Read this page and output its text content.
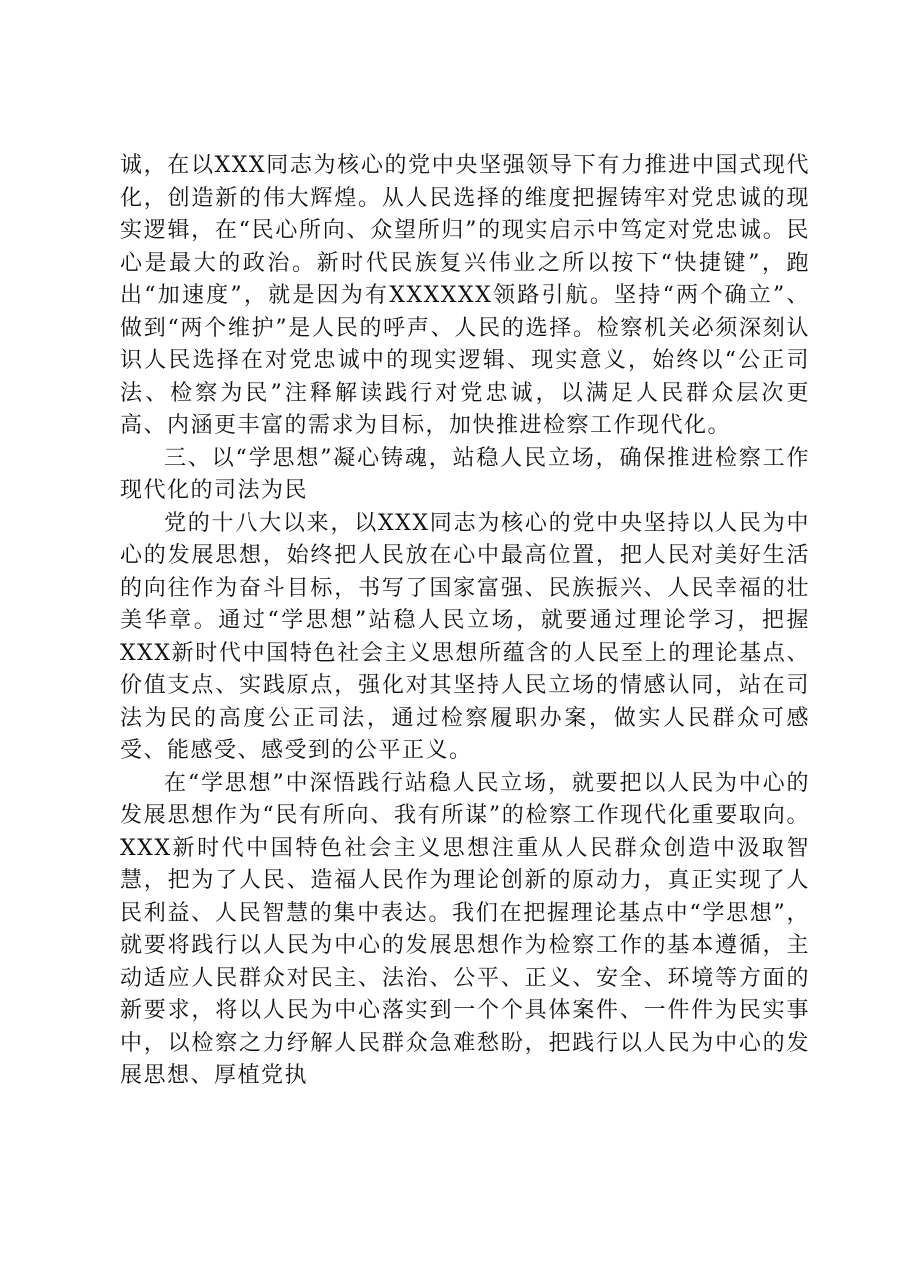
诚，在以XXX同志为核心的党中央坚强领导下有力推进中国式现代化，创造新的伟大辉煌。从人民选择的维度把握铸牢对党忠诚的现实逻辑，在“民心所向、众望所归”的现实启示中笃定对党忠诚。民心是最大的政治。新时代民族复兴伟业之所以按下“快捷键”，跑出“加速度”，就是因为有XXXXXX领路引航。坚持“两个确立”、做到“两个维护”是人民的呼声、人民的选择。检察机关必须深刻认识人民选择在对党忠诚中的现实逻辑、现实意义，始终以“公正司法、检察为民”注释解读践行对党忠诚，以满足人民群众层次更高、内涵更丰富的需求为目标，加快推进检察工作现代化。

三、以“学思想”凝心铸魂，站稳人民立场，确保推进检察工作现代化的司法为民

党的十八大以来，以XXX同志为核心的党中央坚持以人民为中心的发展思想，始终把人民放在心中最高位置，把人民对美好生活的向往作为奋斗目标，书写了国家富强、民族振兴、人民幸福的壮美华章。通过“学思想”站稳人民立场，就要通过理论学习，把握XXX新时代中国特色社会主义思想所蕴含的人民至上的理论基点、价值支点、实践原点，强化对其坚持人民立场的情感认同，站在司法为民的高度公正司法，通过检察履职办案，做实人民群众可感受、能感受、感受到的公平正义。

在“学思想”中深悟践行站稳人民立场，就要把以人民为中心的发展思想作为“民有所向、我有所谋”的检察工作现代化重要取向。XXX新时代中国特色社会主义思想注重从人民群众创造中汲取智慧，把为了人民、造福人民作为理论创新的原动力，真正实现了人民利益、人民智慧的集中表达。我们在把握理论基点中“学思想”，就要将践行以人民为中心的发展思想作为检察工作的基本遵循，主动适应人民群众对民主、法治、公平、正义、安全、环境等方面的新要求，将以人民为中心落实到一个个具体案件、一件件为民实事中，以检察之力纾解人民群众急难愁盼，把践行以人民为中心的发展思想、厚植党执
